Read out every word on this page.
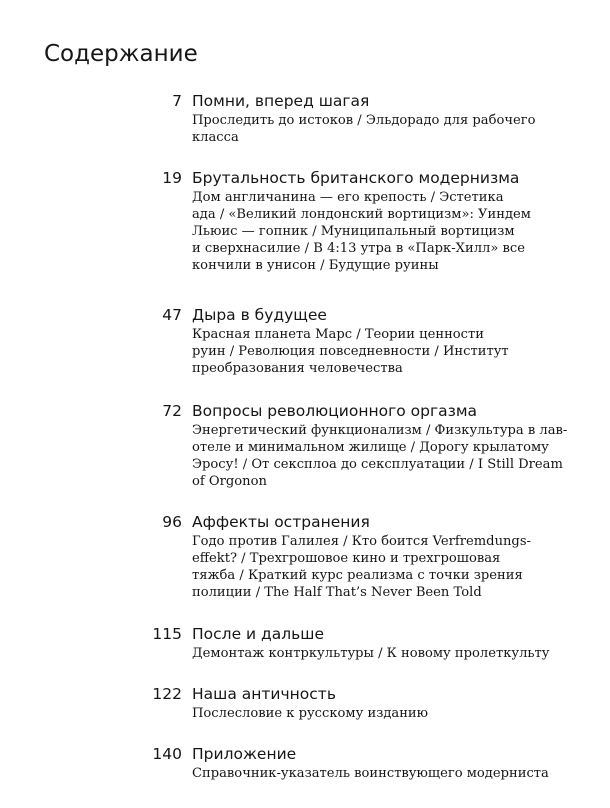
Содержание
7 Помни, вперед шагая
Проследить до истоков / Эльдорадо для рабочего
класса
19 Брутальность британского модернизма
Дом англичанина — его крепость / Эстетика
ада / «Великий лондонский вортицизм»: Уиндем
Льюис — гопник / Муниципальный вортицизм
и сверхнасилие / В 4:13 утра в «Парк-Хилл» все
кончили в унисон / Будущие руины
47 Дыра в будущее
Красная планета Марс / Теории ценности
руин / Революция повседневности / Институт
преобразования человечества
72 Вопросы революционного оргазма
Энергетический функционализм / Физкультура в лав-
отеле и минимальном жилище / Дорогу крылатому
Эросу! / От сексплоа до сексплуатации / I Still Dream
of Orgonon
96 Аффекты остранения
Годо против Галилея / Кто боится Verfremdungs-
effekt? / Трехгрошовое кино и трехгрошовая
тяжба / Краткий курс реализма с точки зрения
полиции / The Half That’s Never Been Told
115 После и дальше
Демонтаж контркультуры / К новому пролеткульту
122 Наша античность
Послесловие к русскому изданию
140 Приложение
Справочник-указатель воинствующего модерниста
